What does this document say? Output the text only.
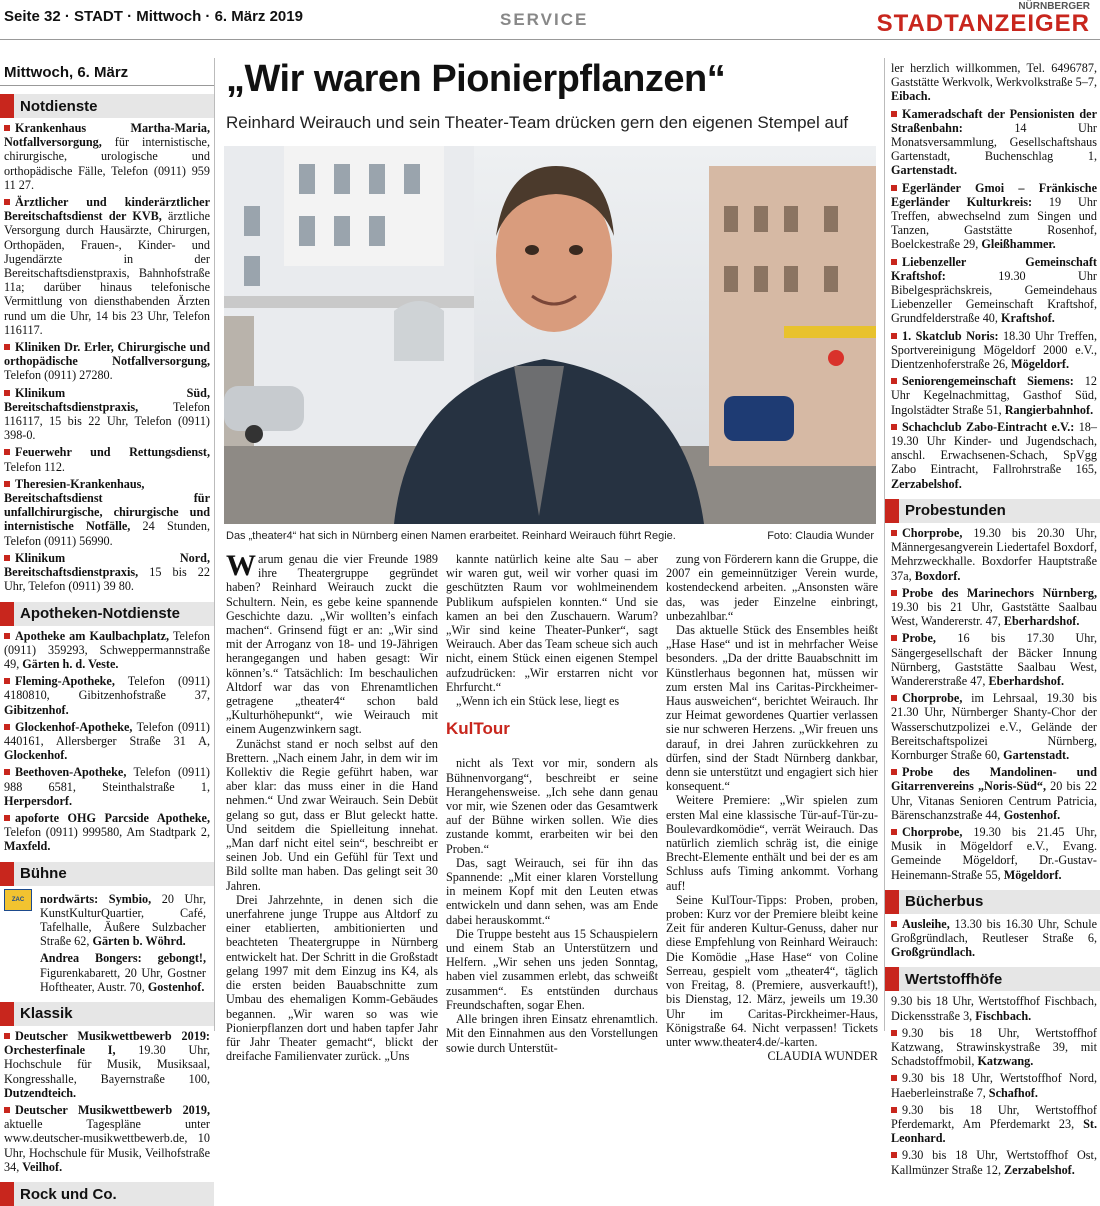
Seite 32 · STADT · Mittwoch · 6. März 2019	SERVICE
NÜRNBERGER
STADTANZEIGER
Mittwoch, 6. März
Notdienste
Krankenhaus Martha-Maria, Notfallversorgung, für internistische, chirurgische, urologische und orthopädische Fälle, Telefon (0911) 959 11 27.
Ärztlicher und kinderärztlicher Bereitschaftsdienst der KVB, ärztliche Versorgung durch Hausärzte, Chirurgen, Orthopäden, Frauen-, Kinder- und Jugendärzte in der Bereitschaftsdienstpraxis, Bahnhofstraße 11a; darüber hinaus telefonische Vermittlung von diensthabenden Ärzten rund um die Uhr, 14 bis 23 Uhr, Telefon 116117.
Kliniken Dr. Erler, Chirurgische und orthopädische Notfallversorgung, Telefon (0911) 27280.
Klinikum Süd, Bereitschaftsdienstpraxis, Telefon 116117, 15 bis 22 Uhr, Telefon (0911) 398-0.
Feuerwehr und Rettungsdienst, Telefon 112.
Theresien-Krankenhaus, Bereitschaftsdienst für unfallchirurgische, chirurgische und internistische Notfälle, 24 Stunden, Telefon (0911) 56990.
Klinikum Nord, Bereitschaftsdienstpraxis, 15 bis 22 Uhr, Telefon (0911) 39 80.
Apotheken-Notdienste
Apotheke am Kaulbachplatz, Telefon (0911) 359293, Schweppermannstraße 49, Gärten h. d. Veste.
Fleming-Apotheke, Telefon (0911) 4180810, Gibitzenhofstraße 37, Gibitzenhof.
Glockenhof-Apotheke, Telefon (0911) 440161, Allersberger Straße 31 A, Glockenhof.
Beethoven-Apotheke, Telefon (0911) 988 6581, Steinthalstraße 1, Herpersdorf.
apoforte OHG Parcside Apotheke, Telefon (0911) 999580, Am Stadtpark 2, Maxfeld.
Bühne
ZAC	nordwärts: Symbio, 20 Uhr, KunstKulturQuartier, Café, Tafelhalle, Äußere Sulzbacher Straße 62, Gärten b. Wöhrd.
Andrea Bongers: gebongt!, Figurenkabarett, 20 Uhr, Gostner Hoftheater, Austr. 70, Gostenhof.
Klassik
Deutscher Musikwettbewerb 2019: Orchesterfinale I, 19.30 Uhr, Hochschule für Musik, Musiksaal, Kongresshalle, Bayernstraße 100, Dutzendteich.
Deutscher Musikwettbewerb 2019, aktuelle Tagespläne unter www.deutscher-musikwettbewerb.de, 10 Uhr, Hochschule für Musik, Veilhofstraße 34, Veilhof.
Rock und Co.
„Wir waren Pionierpflanzen“
Reinhard Weirauch und sein Theater-Team drücken gern den eigenen Stempel auf
Das „theater4“ hat sich in Nürnberg einen Namen erarbeitet. Reinhard Weirauch führt Regie.	Foto: Claudia Wunder
W arum genau die vier Freunde 1989 ihre Theatergruppe gegründet haben? Reinhard Weirauch zuckt die Schultern. Nein, es gebe keine spannende Geschichte dazu. „Wir wollten’s einfach machen“. Grinsend fügt er an: „Wir sind mit der Arroganz von 18- und 19-Jährigen herangegangen und haben gesagt: Wir können’s.“ Tatsächlich: Im beschaulichen Altdorf war das von Ehrenamtlichen getragene „theater4“ schon bald „Kulturhöhepunkt“, wie Weirauch mit einem Augenzwinkern sagt.

Zunächst stand er noch selbst auf den Brettern. „Nach einem Jahr, in dem wir im Kollektiv die Regie geführt haben, war aber klar: das muss einer in die Hand nehmen.“ Und zwar Weirauch. Sein Debüt gelang so gut, dass er Blut geleckt hatte. Und seitdem die Spielleitung innehat. „Man darf nicht eitel sein“, beschreibt er seinen Job. Und ein Gefühl für Text und Bild sollte man haben. Das gelingt seit 30 Jahren.

Drei Jahrzehnte, in denen sich die unerfahrene junge Truppe aus Altdorf zu einer etablierten, ambitionierten und beachteten Theatergruppe in Nürnberg entwickelt hat. Der Schritt in die Großstadt gelang 1997 mit dem Einzug ins K4, als die ersten beiden Bauabschnitte zum Umbau des ehemaligen Komm-Gebäudes begannen. „Wir waren so was wie Pionierpflanzen dort und haben tapfer Jahr für Jahr Theater gemacht“, blickt der dreifache Familienvater zurück. „Uns

kannte natürlich keine alte Sau – aber wir waren gut, weil wir vorher quasi im geschützten Raum vor wohlmeinendem Publikum aufspielen konnten.“ Und sie kamen an bei den Zuschauern. Warum? „Wir sind keine Theater-Punker“, sagt Weirauch. Aber das Team scheue sich auch nicht, einem Stück einen eigenen Stempel aufzudrücken: „Wir erstarren nicht vor Ehrfurcht.“

„Wenn ich ein Stück lese, liegt es

KulTour

nicht als Text vor mir, sondern als Bühnenvorgang“, beschreibt er seine Herangehensweise. „Ich sehe dann genau vor mir, wie Szenen oder das Gesamtwerk auf der Bühne wirken sollen. Wie dies zustande kommt, erarbeiten wir bei den Proben.“

Das, sagt Weirauch, sei für ihn das Spannende: „Mit einer klaren Vorstellung in meinem Kopf mit den Leuten etwas entwickeln und dann sehen, was am Ende dabei herauskommt.“

Die Truppe besteht aus 15 Schauspielern und einem Stab an Unterstützern und Helfern. „Wir sehen uns jeden Sonntag, haben viel zusammen erlebt, das schweißt zusammen“. Es entstünden durchaus Freundschaften, sogar Ehen.

Alle bringen ihren Einsatz ehrenamtlich. Mit den Einnahmen aus den Vorstellungen sowie durch Unterstüt-

zung von Förderern kann die Gruppe, die 2007 ein gemeinnütziger Verein wurde, kostendeckend arbeiten. „Ansonsten wäre das, was jeder Einzelne einbringt, unbezahlbar.“

Das aktuelle Stück des Ensembles heißt „Hase Hase“ und ist in mehrfacher Weise besonders. „Da der dritte Bauabschnitt im Künstlerhaus begonnen hat, müssen wir zum ersten Mal ins Caritas-Pirckheimer-Haus ausweichen“, berichtet Weirauch. Ihr zur Heimat gewordenes Quartier verlassen sie nur schweren Herzens. „Wir freuen uns darauf, in drei Jahren zurückkehren zu dürfen, sind der Stadt Nürnberg dankbar, denn sie unterstützt und engagiert sich hier konsequent.“

Weitere Premiere: „Wir spielen zum ersten Mal eine klassische Tür-auf-Tür-zu-Boulevardkomödie“, verrät Weirauch. Das natürlich ziemlich schräg ist, die einige Brecht-Elemente enthält und bei der es am Schluss aufs Timing ankommt. Vorhang auf!

Seine KulTour-Tipps: Proben, proben, proben: Kurz vor der Premiere bleibt keine Zeit für anderen Kultur-Genuss, daher nur diese Empfehlung von Reinhard Weirauch: Die Komödie „Hase Hase“ von Coline Serreau, gespielt vom „theater4“, täglich von Freitag, 8. (Premiere, ausverkauft!), bis Dienstag, 12. März, jeweils um 19.30 Uhr im Caritas-Pirckheimer-Haus, Königstraße 64. Nicht verpassen! Tickets unter www.theater4.de/-karten.

CLAUDIA WUNDER
ler herzlich willkommen, Tel. 6496787, Gaststätte Werkvolk, Werkvolkstraße 5–7, Eibach.
Kameradschaft der Pensionisten der Straßenbahn: 14 Uhr Monatsversammlung, Gesellschaftshaus Gartenstadt, Buchenschlag 1, Gartenstadt.
Egerländer Gmoi – Fränkische Egerländer Kulturkreis: 19 Uhr Treffen, abwechselnd zum Singen und Tanzen, Gaststätte Rosenhof, Boelckestraße 29, Gleißhammer.
Liebenzeller Gemeinschaft Kraftshof: 19.30 Uhr Bibelgesprächskreis, Gemeindehaus Liebenzeller Gemeinschaft Kraftshof, Grundfelderstraße 40, Kraftshof.
1. Skatclub Noris: 18.30 Uhr Treffen, Sportvereinigung Mögeldorf 2000 e.V., Dientzenhoferstraße 26, Mögeldorf.
Seniorengemeinschaft Siemens: 12 Uhr Kegelnachmittag, Gasthof Süd, Ingolstädter Straße 51, Rangierbahnhof.
Schachclub Zabo-Eintracht e.V.: 18–19.30 Uhr Kinder- und Jugendschach, anschl. Erwachsenen-Schach, SpVgg Zabo Eintracht, Fallrohrstraße 165, Zerzabelshof.
Probestunden
Chorprobe, 19.30 bis 20.30 Uhr, Männergesangverein Liedertafel Boxdorf, Mehrzweckhalle. Boxdorfer Hauptstraße 37a, Boxdorf.
Probe des Marinechors Nürnberg, 19.30 bis 21 Uhr, Gaststätte Saalbau West, Wandererstr. 47, Eberhardshof.
Probe, 16 bis 17.30 Uhr, Sängergesellschaft der Bäcker Innung Nürnberg, Gaststätte Saalbau West, Wandererstraße 47, Eberhardshof.
Chorprobe, im Lehrsaal, 19.30 bis 21.30 Uhr, Nürnberger Shanty-Chor der Wasserschutzpolizei e.V., Gelände der Bereitschaftspolizei Nürnberg, Kornburger Straße 60, Gartenstadt.
Probe des Mandolinen- und Gitarrenvereins „Noris-Süd“, 20 bis 22 Uhr, Vitanas Senioren Centrum Patricia, Bärenschanzstraße 44, Gostenhof.
Chorprobe, 19.30 bis 21.45 Uhr, Musik in Mögeldorf e.V., Evang. Gemeinde Mögeldorf, Dr.-Gustav-Heinemann-Straße 55, Mögeldorf.
Bücherbus
Ausleihe, 13.30 bis 16.30 Uhr, Schule Großgründlach, Reutleser Straße 6, Großgründlach.
Wertstoffhöfe
9.30 bis 18 Uhr, Wertstoffhof Fischbach, Dickensstraße 3, Fischbach.
9.30 bis 18 Uhr, Wertstoffhof Katzwang, Strawinskystraße 39, mit Schadstoffmobil, Katzwang.
9.30 bis 18 Uhr, Wertstoffhof Nord, Haeberleinstraße 7, Schafhof.
9.30 bis 18 Uhr, Wertstoffhof Pferdemarkt, Am Pferdemarkt 23, St. Leonhard.
9.30 bis 18 Uhr, Wertstoffhof Ost, Kallmünzer Straße 12, Zerzabelshof.
